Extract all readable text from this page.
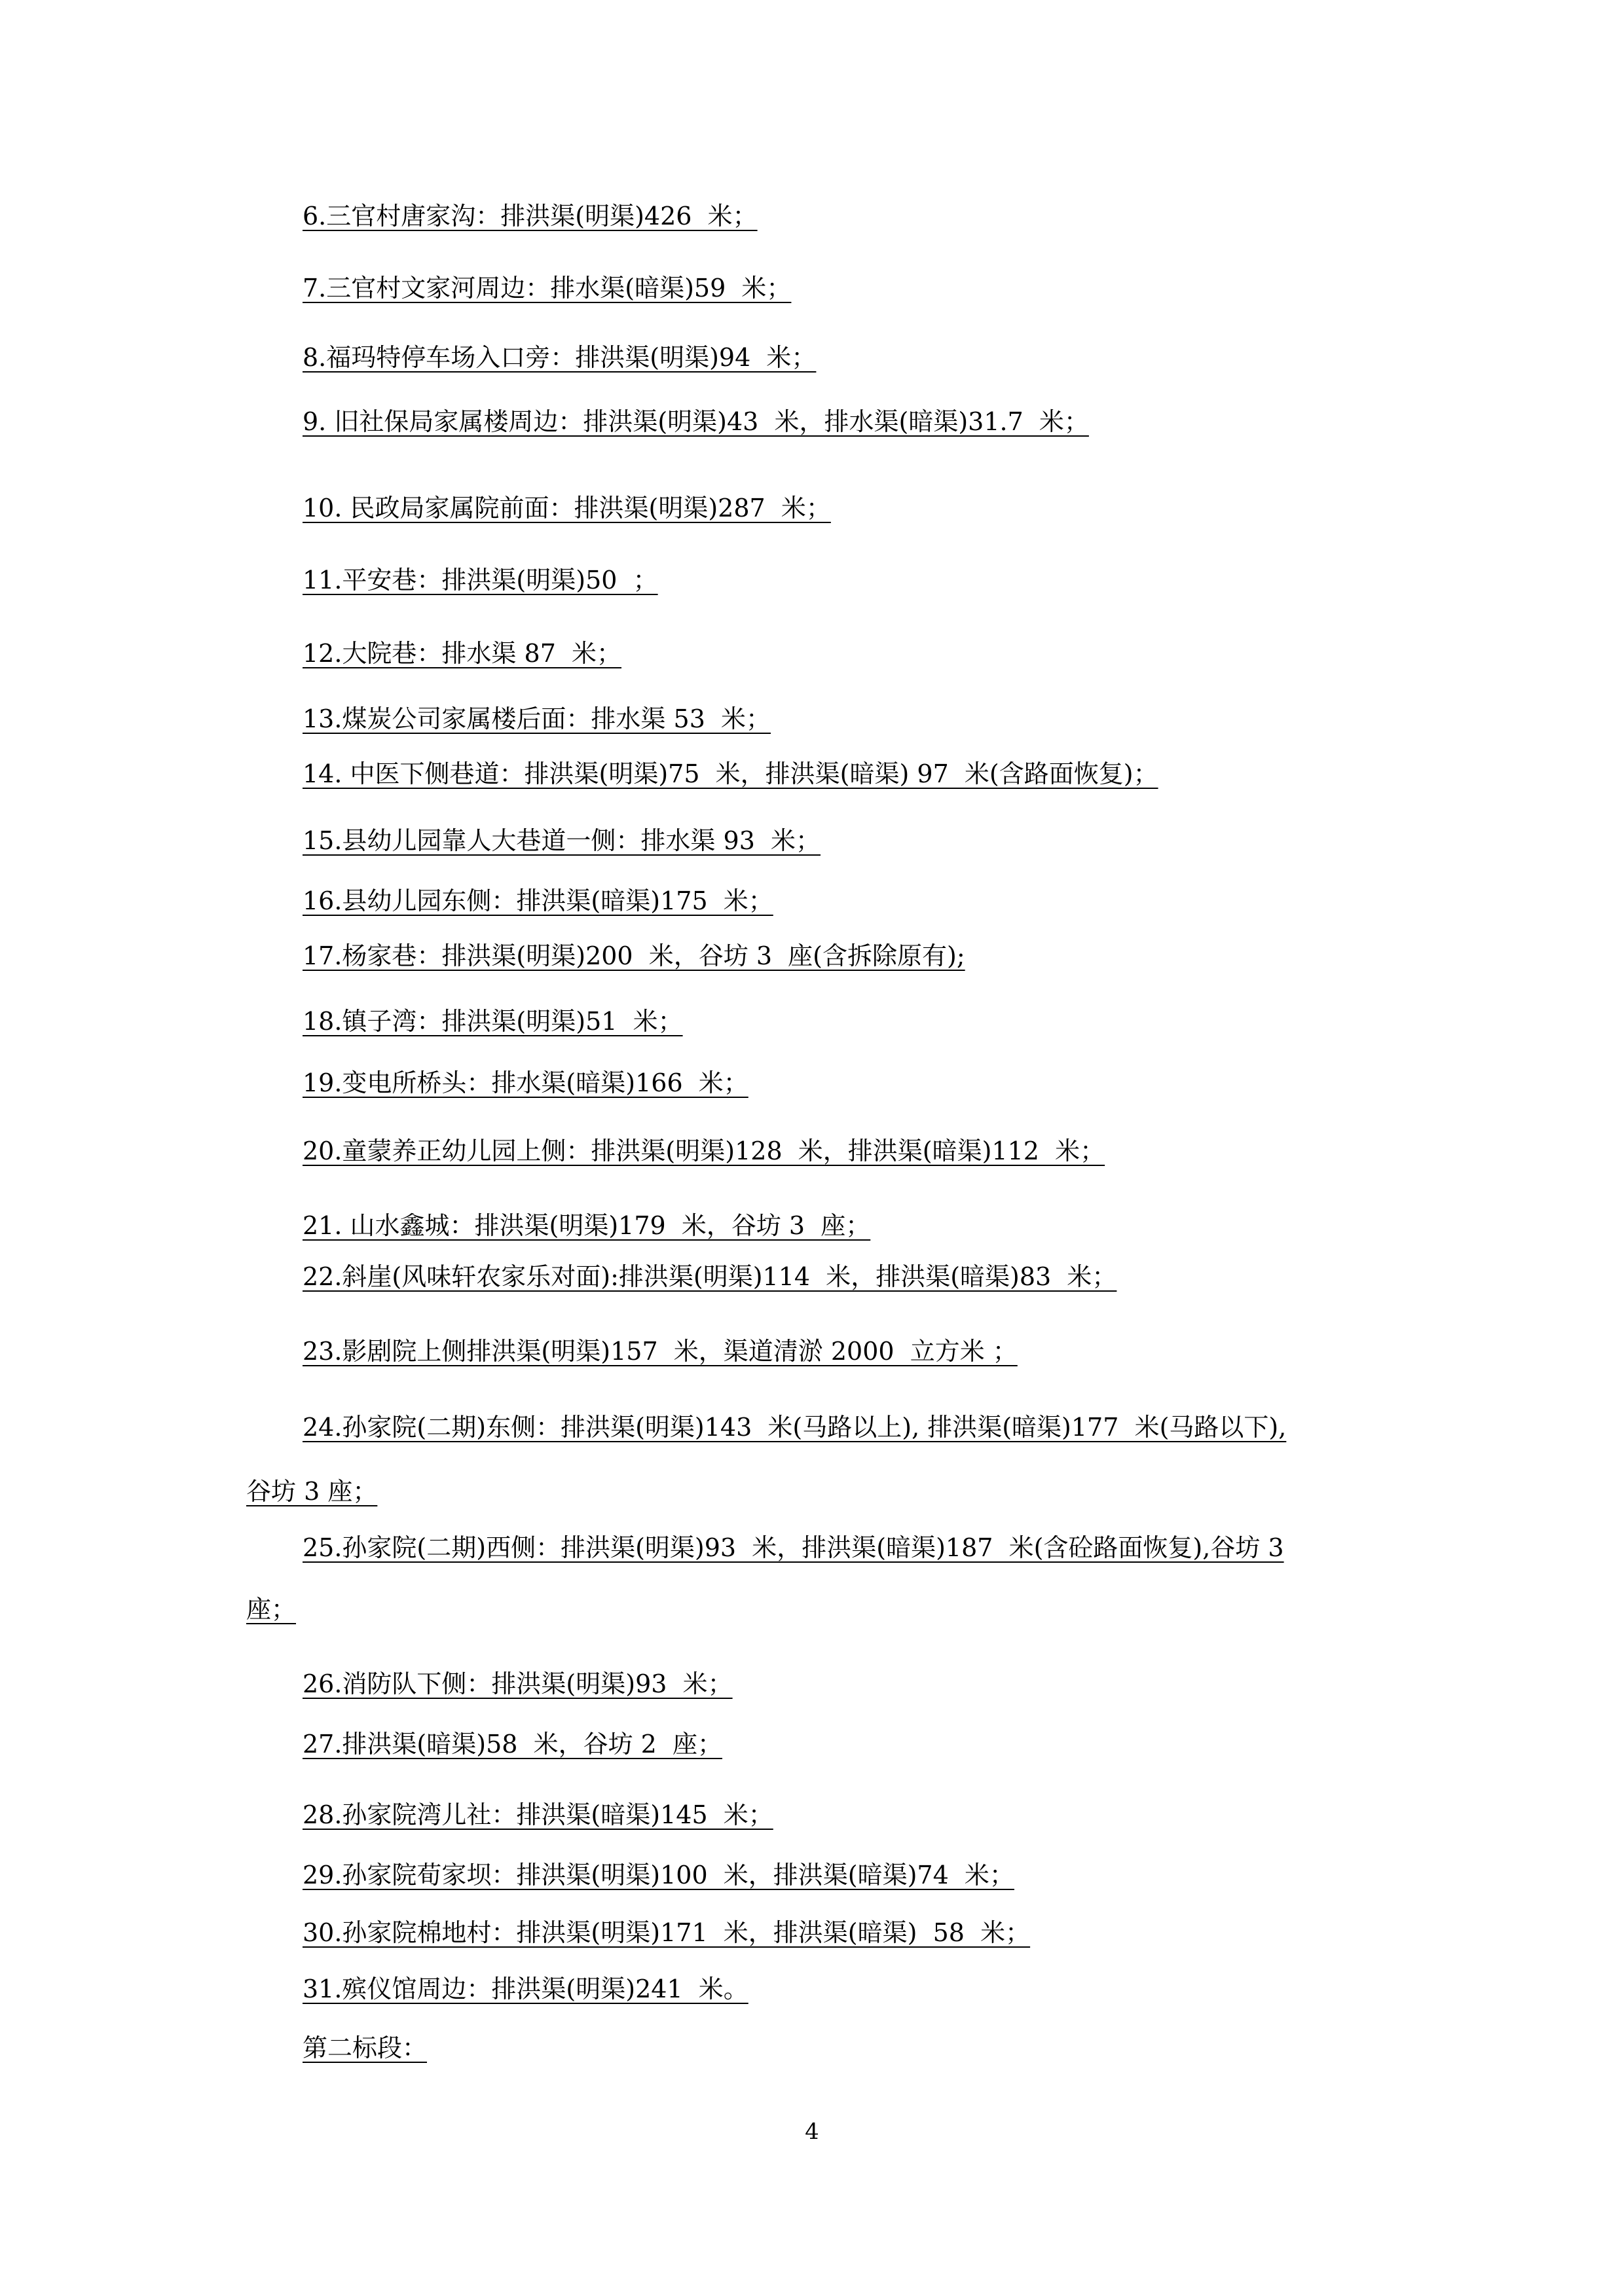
6.三官村唐家沟：排洪渠(明渠)426  米；

7.三官村文家河周边：排水渠(暗渠)59  米；

8.福玛特停车场入口旁：排洪渠(明渠)94  米；

9. 旧社保局家属楼周边：排洪渠(明渠)43  米，排水渠(暗渠)31.7  米；

10. 民政局家属院前面：排洪渠(明渠)287  米；

11.平安巷：排洪渠(明渠)50  ；

12.大院巷：排水渠 87  米；

13.煤炭公司家属楼后面：排水渠 53  米；

14. 中医下侧巷道：排洪渠(明渠)75  米，排洪渠(暗渠) 97  米(含路面恢复)；

15.县幼儿园靠人大巷道一侧：排水渠 93  米；

16.县幼儿园东侧：排洪渠(暗渠)175  米；

17.杨家巷：排洪渠(明渠)200  米，谷坊 3  座(含拆除原有);

18.镇子湾：排洪渠(明渠)51  米；

19.变电所桥头：排水渠(暗渠)166  米；

20.童蒙养正幼儿园上侧：排洪渠(明渠)128  米，排洪渠(暗渠)112  米；

21. 山水鑫城：排洪渠(明渠)179  米，谷坊 3  座；

22.斜崖(风味轩农家乐对面):排洪渠(明渠)114  米，排洪渠(暗渠)83  米；

23.影剧院上侧排洪渠(明渠)157  米，渠道清淤 2000  立方米 ；

24.孙家院(二期)东侧：排洪渠(明渠)143  米(马路以上), 排洪渠(暗渠)177  米(马路以下),

谷坊 3 座；

25.孙家院(二期)西侧：排洪渠(明渠)93  米，排洪渠(暗渠)187  米(含砼路面恢复),谷坊 3

座；

26.消防队下侧：排洪渠(明渠)93  米；

27.排洪渠(暗渠)58  米，谷坊 2  座；

28.孙家院湾儿社：排洪渠(暗渠)145  米；

29.孙家院荀家坝：排洪渠(明渠)100  米，排洪渠(暗渠)74  米；

30.孙家院棉地村：排洪渠(明渠)171  米，排洪渠(暗渠)  58  米；

31.殡仪馆周边：排洪渠(明渠)241  米。

第二标段：

4
